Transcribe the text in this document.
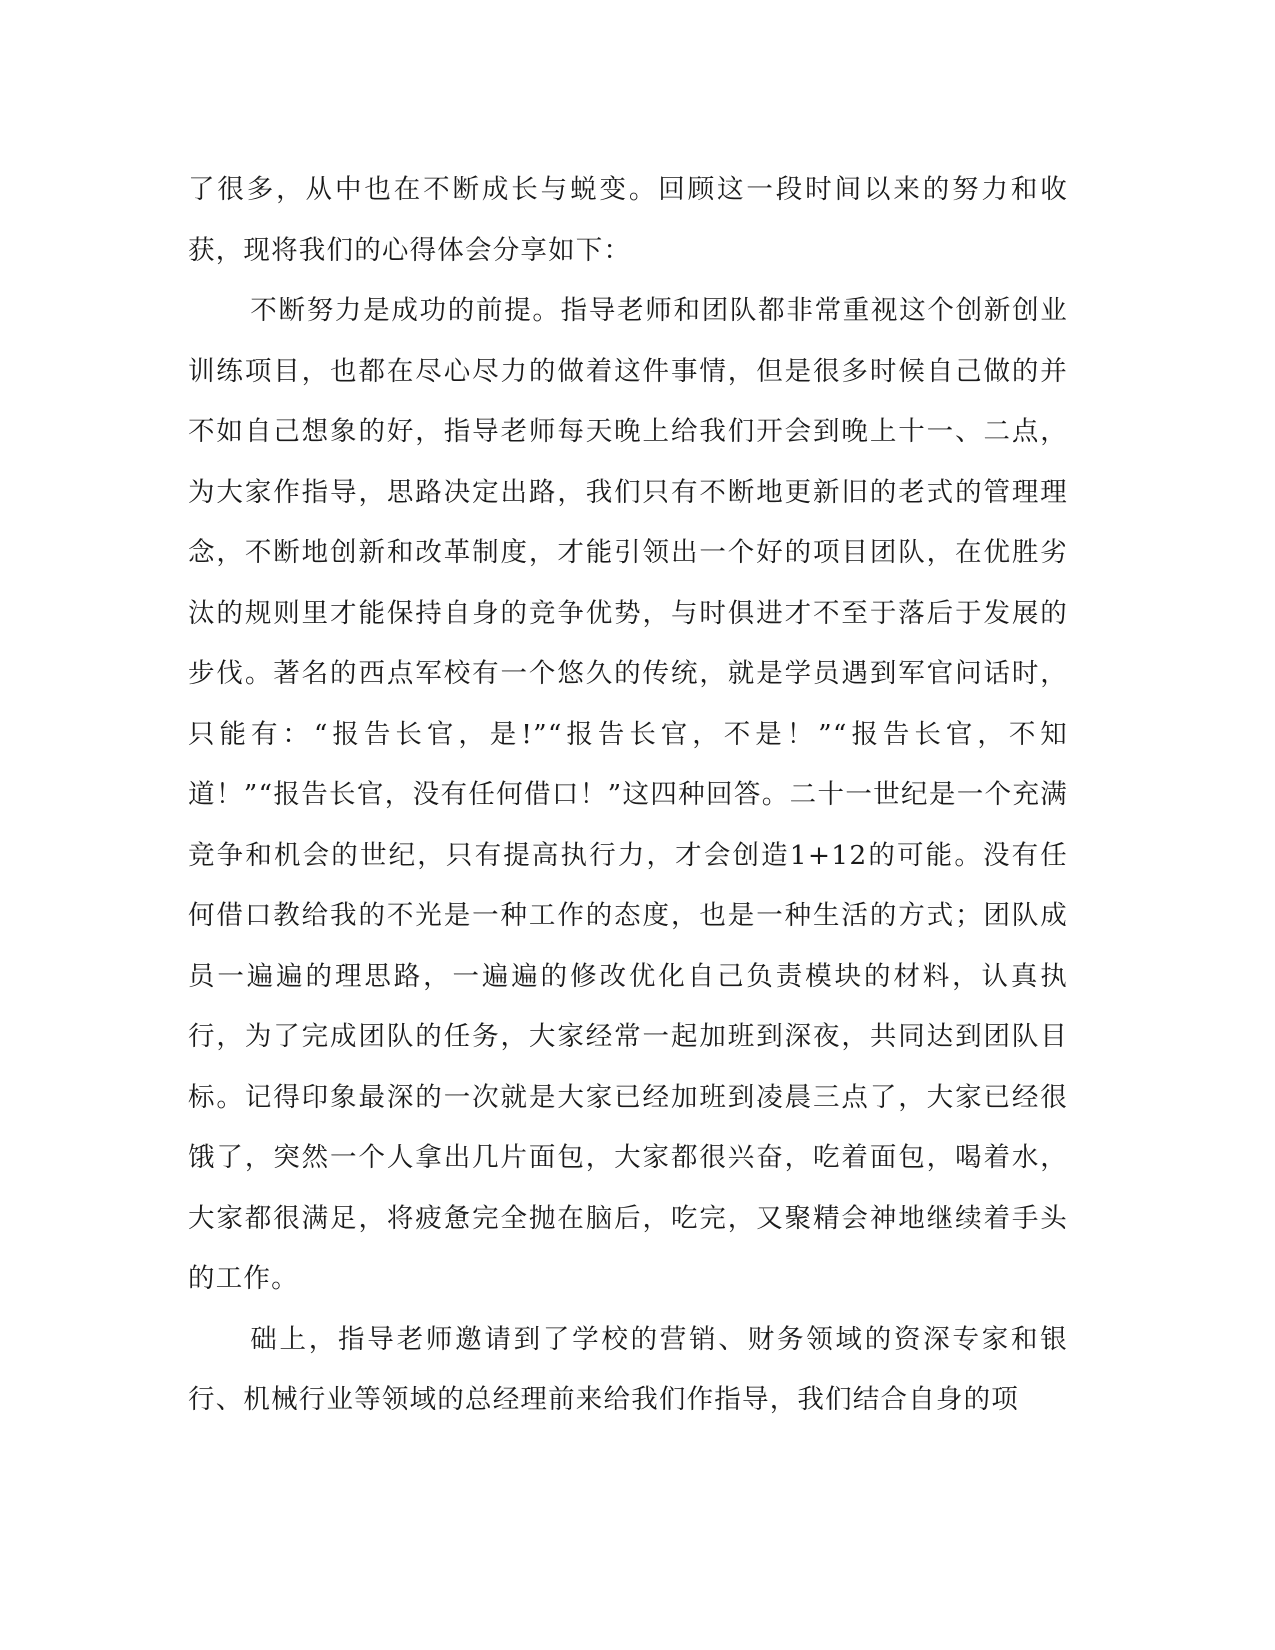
了很多，从中也在不断成长与蜕变。回顾这一段时间以来的努力和收获，现将我们的心得体会分享如下：

不断努力是成功的前提。指导老师和团队都非常重视这个创新创业训练项目，也都在尽心尽力的做着这件事情，但是很多时候自己做的并不如自己想象的好，指导老师每天晚上给我们开会到晚上十一、二点，为大家作指导，思路决定出路，我们只有不断地更新旧的老式的管理理念，不断地创新和改革制度，才能引领出一个好的项目团队，在优胜劣汰的规则里才能保持自身的竞争优势，与时俱进才不至于落后于发展的步伐。著名的西点军校有一个悠久的传统，就是学员遇到军官问话时，只能有：“报告长官，是!”“报告长官，不是！”“报告长官，不知道！”“报告长官，没有任何借口！”这四种回答。二十一世纪是一个充满竞争和机会的世纪，只有提高执行力，才会创造1+12的可能。没有任何借口教给我的不光是一种工作的态度，也是一种生活的方式；团队成员一遍遍的理思路，一遍遍的修改优化自己负责模块的材料，认真执行，为了完成团队的任务，大家经常一起加班到深夜，共同达到团队目标。记得印象最深的一次就是大家已经加班到凌晨三点了，大家已经很饿了，突然一个人拿出几片面包，大家都很兴奋，吃着面包，喝着水，大家都很满足，将疲惫完全抛在脑后，吃完，又聚精会神地继续着手头的工作。

础上，指导老师邀请到了学校的营销、财务领域的资深专家和银行、机械行业等领域的总经理前来给我们作指导，我们结合自身的项
